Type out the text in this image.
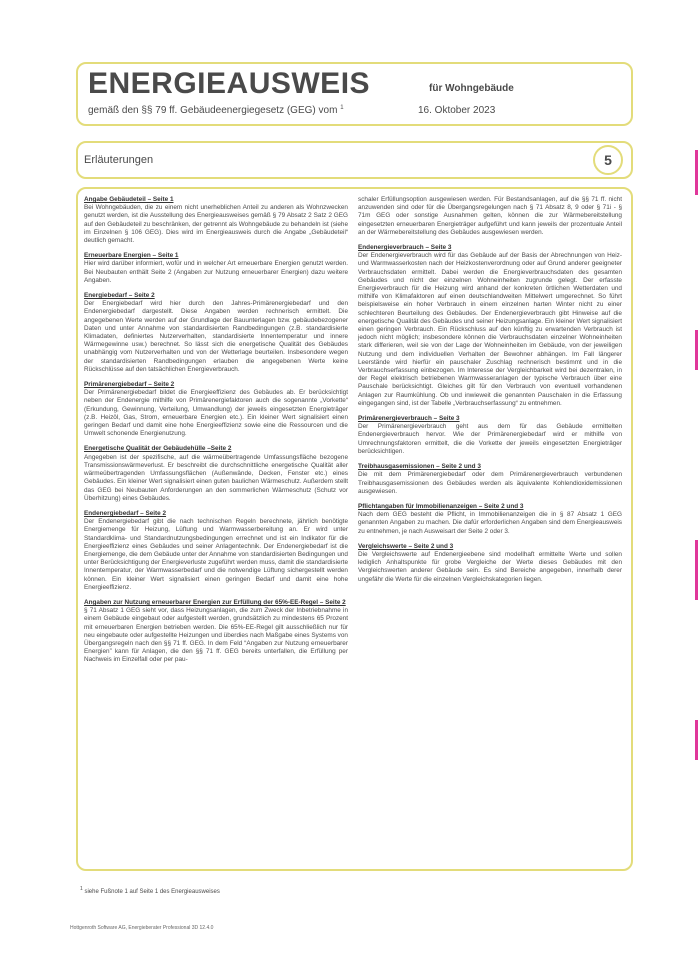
ENERGIEAUSWEIS	für Wohngebäude
gemäß den §§ 79 ff. Gebäudeenergiegesetz (GEG) vom $^1$	16. Oktober 2023
Erläuterungen	5
Angabe Gebäudeteil – Seite 1

Bei Wohngebäuden, die zu einem nicht unerheblichen Anteil zu anderen als Wohnzwecken genutzt werden, ist die Ausstellung des Energieausweises gemäß § 79 Absatz 2 Satz 2 GEG auf den Gebäudeteil zu beschränken, der getrennt als Wohngebäude zu behandeln ist (siehe im Einzelnen § 106 GEG). Dies wird im Energieausweis durch die Angabe „Gebäudeteil“ deutlich gemacht.

Erneuerbare Energien – Seite 1

Hier wird darüber informiert, wofür und in welcher Art erneuerbare Energien genutzt werden. Bei Neubauten enthält Seite 2 (Angaben zur Nutzung erneuerbarer Energien) dazu weitere Angaben.

Energiebedarf – Seite 2

Der Energiebedarf wird hier durch den Jahres-Primärenergiebedarf und den Endenergiebedarf dargestellt. Diese Angaben werden rechnerisch ermittelt. Die angegebenen Werte werden auf der Grundlage der Bauunterlagen bzw. gebäudebezogener Daten und unter Annahme von standardisierten Randbedingungen (z.B. standardisierte Klimadaten, definiertes Nutzerverhalten, standardisierte Innentemperatur und innere Wärmegewinne usw.) berechnet. So lässt sich die energetische Qualität des Gebäudes unabhängig vom Nutzerverhalten und von der Wetterlage beurteilen. Insbesondere wegen der standardisierten Randbedingungen erlauben die angegebenen Werte keine Rückschlüsse auf den tatsächlichen Energieverbrauch.

Primärenergiebedarf – Seite 2

Der Primärenergiebedarf bildet die Energieeffizienz des Gebäudes ab. Er berücksichtigt neben der Endenergie mithilfe von Primärenergiefaktoren auch die sogenannte „Vorkette“ (Erkundung, Gewinnung, Verteilung, Umwandlung) der jeweils eingesetzten Energieträger (z.B. Heizöl, Gas, Strom, erneuerbare Energien etc.). Ein kleiner Wert signalisiert einen geringen Bedarf und damit eine hohe Energieeffizienz sowie eine die Ressourcen und die Umwelt schonende Energienutzung.

Energetische Qualität der Gebäudehülle –Seite 2

Angegeben ist der spezifische, auf die wärmeübertragende Umfassungsfläche bezogene Transmissionswärmeverlust. Er beschreibt die durchschnittliche energetische Qualität aller wärmeübertragenden Umfassungsflächen (Außenwände, Decken, Fenster etc.) eines Gebäudes. Ein kleiner Wert signalisiert einen guten baulichen Wärmeschutz. Außerdem stellt das GEG bei Neubauten Anforderungen an den sommerlichen Wärmeschutz (Schutz vor Überhitzung) eines Gebäudes.

Endenergiebedarf – Seite 2

Der Endenergiebedarf gibt die nach technischen Regeln berechnete, jährlich benötigte Energiemenge für Heizung, Lüftung und Warmwasserbereitung an. Er wird unter Standardklima- und Standardnutzungsbedingungen errechnet und ist ein Indikator für die Energieeffizienz eines Gebäudes und seiner Anlagentechnik. Der Endenergiebedarf ist die Energiemenge, die dem Gebäude unter der Annahme von standardisierten Bedingungen und unter Berücksichtigung der Energieverluste zugeführt werden muss, damit die standardisierte Innentemperatur, der Warmwasserbedarf und die notwendige Lüftung sichergestellt werden können. Ein kleiner Wert signalisiert einen geringen Bedarf und damit eine hohe Energieeffizienz.

Angaben zur Nutzung erneuerbarer Energien zur Erfüllung der 65%-EE-Regel – Seite 2

§ 71 Absatz 1 GEG sieht vor, dass Heizungsanlagen, die zum Zweck der Inbetriebnahme in einem Gebäude eingebaut oder aufgestellt werden, grundsätzlich zu mindestens 65 Prozent mit erneuerbaren Energien betrieben werden. Die 65%-EE-Regel gilt ausschließlich nur für neu eingebaute oder aufgestellte Heizungen und überdies nach Maßgabe eines Systems von Übergangsregeln nach den §§ 71 ff. GEG. In dem Feld “Angaben zur Nutzung erneuerbarer Energien” kann für Anlagen, die den §§ 71 ff. GEG bereits unterfallen, die Erfüllung per Nachweis im Einzelfall oder per pau-

schaler Erfüllungsoption ausgewiesen werden. Für Bestandsanlagen, auf die §§ 71 ff. nicht anzuwenden sind oder für die Übergangsregelungen nach § 71 Absatz 8, 9 oder § 71i - § 71m GEG oder sonstige Ausnahmen gelten, können die zur Wärmebereitstellung eingesetzten erneuerbaren Energieträger aufgeführt und kann jeweils der prozentuale Anteil an der Wärmebereitstellung des Gebäudes ausgewiesen werden.

Endenergieverbrauch – Seite 3

Der Endenergieverbrauch wird für das Gebäude auf der Basis der Abrechnungen von Heiz- und Warmwasserkosten nach der Heizkostenverordnung oder auf Grund anderer geeigneter Verbrauchsdaten ermittelt. Dabei werden die Energieverbrauchsdaten des gesamten Gebäudes und nicht der einzelnen Wohneinheiten zugrunde gelegt. Der erfasste Energieverbrauch für die Heizung wird anhand der konkreten örtlichen Wetterdaten und mithilfe von Klimafaktoren auf einen deutschlandweiten Mittelwert umgerechnet. So führt beispielsweise ein hoher Verbrauch in einem einzelnen harten Winter nicht zu einer schlechteren Beurteilung des Gebäudes. Der Endenergieverbrauch gibt Hinweise auf die energetische Qualität des Gebäudes und seiner Heizungsanlage. Ein kleiner Wert signalisiert einen geringen Verbrauch. Ein Rückschluss auf den künftig zu erwartenden Verbrauch ist jedoch nicht möglich; insbesondere können die Verbrauchsdaten einzelner Wohneinheiten stark differieren, weil sie von der Lage der Wohneinheiten im Gebäude, von der jeweiligen Nutzung und dem individuellen Verhalten der Bewohner abhängen. Im Fall längerer Leerstände wird hierfür ein pauschaler Zuschlag rechnerisch bestimmt und in die Verbrauchserfassung einbezogen. Im Interesse der Vergleichbarkeit wird bei dezentralen, in der Regel elektrisch betriebenen Warmwasseranlagen der typische Verbrauch über eine Pauschale berücksichtigt. Gleiches gilt für den Verbrauch von eventuell vorhandenen Anlagen zur Raumkühlung. Ob und inwieweit die genannten Pauschalen in die Erfassung eingegangen sind, ist der Tabelle „Verbrauchserfassung“ zu entnehmen.

Primärenergieverbrauch – Seite 3

Der Primärenergieverbrauch geht aus dem für das Gebäude ermittelten Endenergieverbrauch hervor. Wie der Primärenergiebedarf wird er mithilfe von Umrechnungsfaktoren ermittelt, die die Vorkette der jeweils eingesetzten Energieträger berücksichtigen.

Treibhausgasemissionen – Seite 2 und 3

Die mit dem Primärenergiebedarf oder dem Primärenergieverbrauch verbundenen Treibhausgasemissionen des Gebäudes werden als äquivalente Kohlendioxidemissionen ausgewiesen.

Pflichtangaben für Immobilienanzeigen – Seite 2 und 3

Nach dem GEG besteht die Pflicht, in Immobilienanzeigen die in § 87 Absatz 1 GEG genannten Angaben zu machen. Die dafür erforderlichen Angaben sind dem Energieausweis zu entnehmen, je nach Ausweisart der Seite 2 oder 3.

Vergleichswerte – Seite 2 und 3

Die Vergleichswerte auf Endenergieebene sind modellhaft ermittelte Werte und sollen lediglich Anhaltspunkte für grobe Vergleiche der Werte dieses Gebäudes mit den Vergleichswerten anderer Gebäude sein. Es sind Bereiche angegeben, innerhalb derer ungefähr die Werte für die einzelnen Vergleichskategorien liegen.

$^1$ siehe Fußnote 1 auf Seite 1 des Energieausweises
Hottgenroth Software AG, Energieberater Professional 3D 12.4.0
